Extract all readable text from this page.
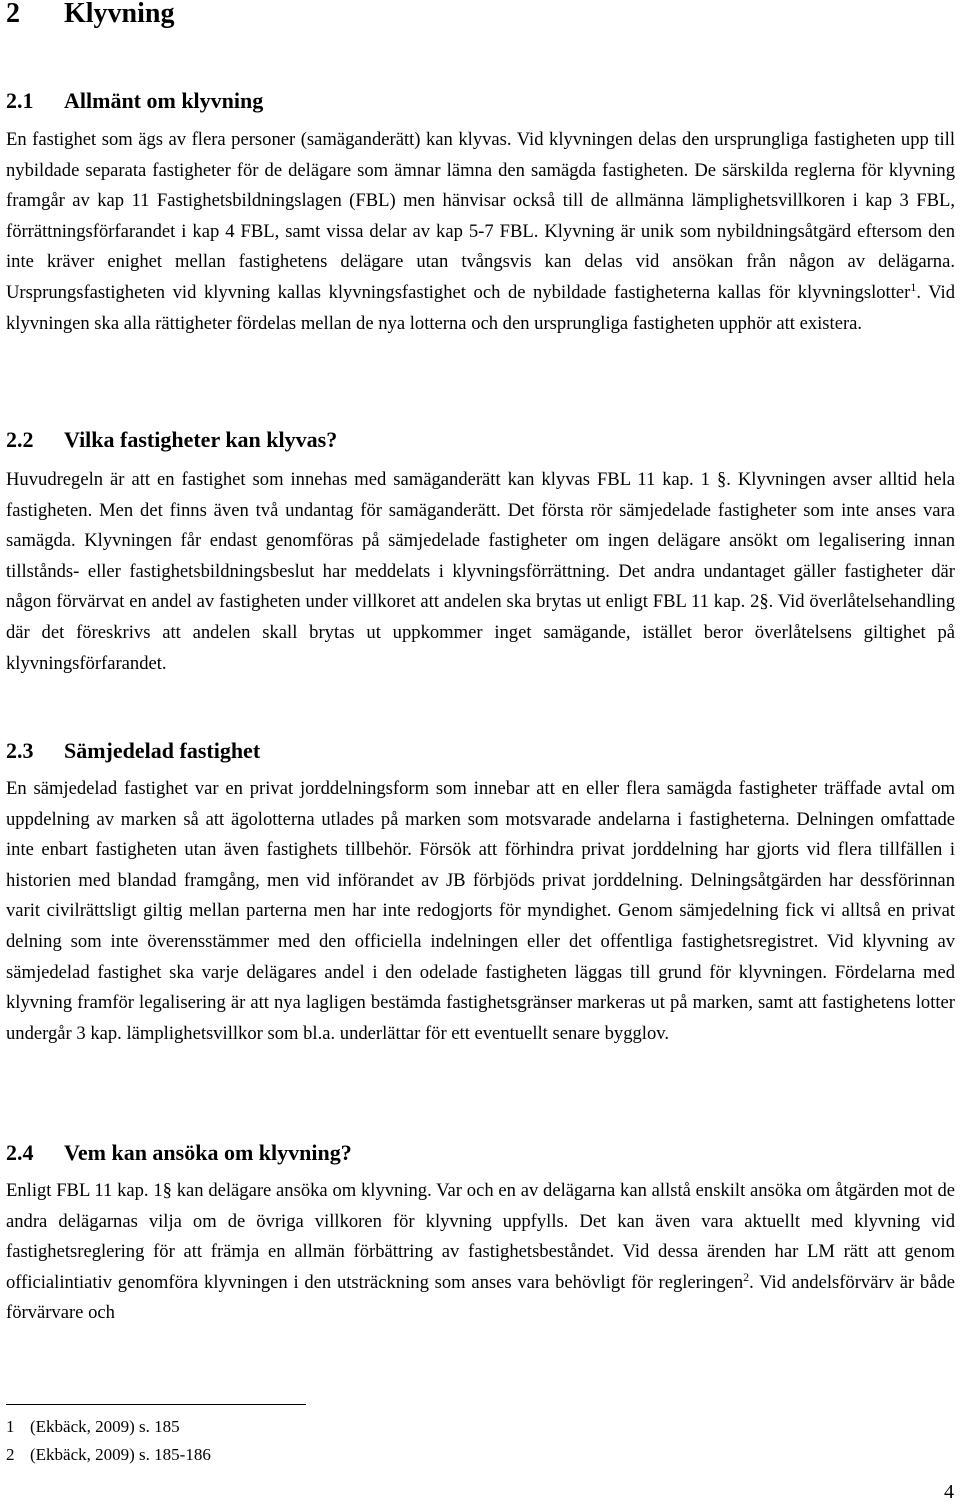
2 Klyvning
2.1 Allmänt om klyvning

En fastighet som ägs av flera personer (samäganderätt) kan klyvas. Vid klyvningen delas den ursprungliga fastigheten upp till nybildade separata fastigheter för de delägare som ämnar lämna den samägda fastigheten. De särskilda reglerna för klyvning framgår av kap 11 Fastighetsbildningslagen (FBL) men hänvisar också till de allmänna lämplighetsvillkoren i kap 3 FBL, förrättningsförfarandet i kap 4 FBL, samt vissa delar av kap 5-7 FBL. Klyvning är unik som nybildningsåtgärd eftersom den inte kräver enighet mellan fastighetens delägare utan tvångsvis kan delas vid ansökan från någon av delägarna. Ursprungsfastigheten vid klyvning kallas klyvningsfastighet och de nybildade fastigheterna kallas för klyvningslotter$^1$. Vid klyvningen ska alla rättigheter fördelas mellan de nya lotterna och den ursprungliga fastigheten upphör att existera.

2.2 Vilka fastigheter kan klyvas?

Huvudregeln är att en fastighet som innehas med samäganderätt kan klyvas FBL 11 kap. 1 §. Klyvningen avser alltid hela fastigheten. Men det finns även två undantag för samäganderätt. Det första rör sämjedelade fastigheter som inte anses vara samägda. Klyvningen får endast genomföras på sämjedelade fastigheter om ingen delägare ansökt om legalisering innan tillstånds- eller fastighetsbildningsbeslut har meddelats i klyvningsförrättning. Det andra undantaget gäller fastigheter där någon förvärvat en andel av fastigheten under villkoret att andelen ska brytas ut enligt FBL 11 kap. 2§. Vid överlåtelsehandling där det föreskrivs att andelen skall brytas ut uppkommer inget samägande, istället beror överlåtelsens giltighet på klyvningsförfarandet.

2.3 Sämjedelad fastighet

En sämjedelad fastighet var en privat jorddelningsform som innebar att en eller flera samägda fastigheter träffade avtal om uppdelning av marken så att ägolotterna utlades på marken som motsvarade andelarna i fastigheterna. Delningen omfattade inte enbart fastigheten utan även fastighets tillbehör. Försök att förhindra privat jorddelning har gjorts vid flera tillfällen i historien med blandad framgång, men vid införandet av JB förbjöds privat jorddelning. Delningsåtgärden har dessförinnan varit civilrättsligt giltig mellan parterna men har inte redogjorts för myndighet. Genom sämjedelning fick vi alltså en privat delning som inte överensstämmer med den officiella indelningen eller det offentliga fastighetsregistret. Vid klyvning av sämjedelad fastighet ska varje delägares andel i den odelade fastigheten läggas till grund för klyvningen. Fördelarna med klyvning framför legalisering är att nya lagligen bestämda fastighetsgränser markeras ut på marken, samt att fastighetens lotter undergår 3 kap. lämplighetsvillkor som bl.a. underlättar för ett eventuellt senare bygglov.

2.4 Vem kan ansöka om klyvning?

Enligt FBL 11 kap. 1§ kan delägare ansöka om klyvning. Var och en av delägarna kan allstå enskilt ansöka om åtgärden mot de andra delägarnas vilja om de övriga villkoren för klyvning uppfylls. Det kan även vara aktuellt med klyvning vid fastighetsreglering för att främja en allmän förbättring av fastighetsbeståndet. Vid dessa ärenden har LM rätt att genom officialintiativ genomföra klyvningen i den utsträckning som anses vara behövligt för regleringen$^2$. Vid andelsförvärv är både förvärvare och

1 (Ekbäck, 2009) s. 185

2 (Ekbäck, 2009) s. 185-186

4
